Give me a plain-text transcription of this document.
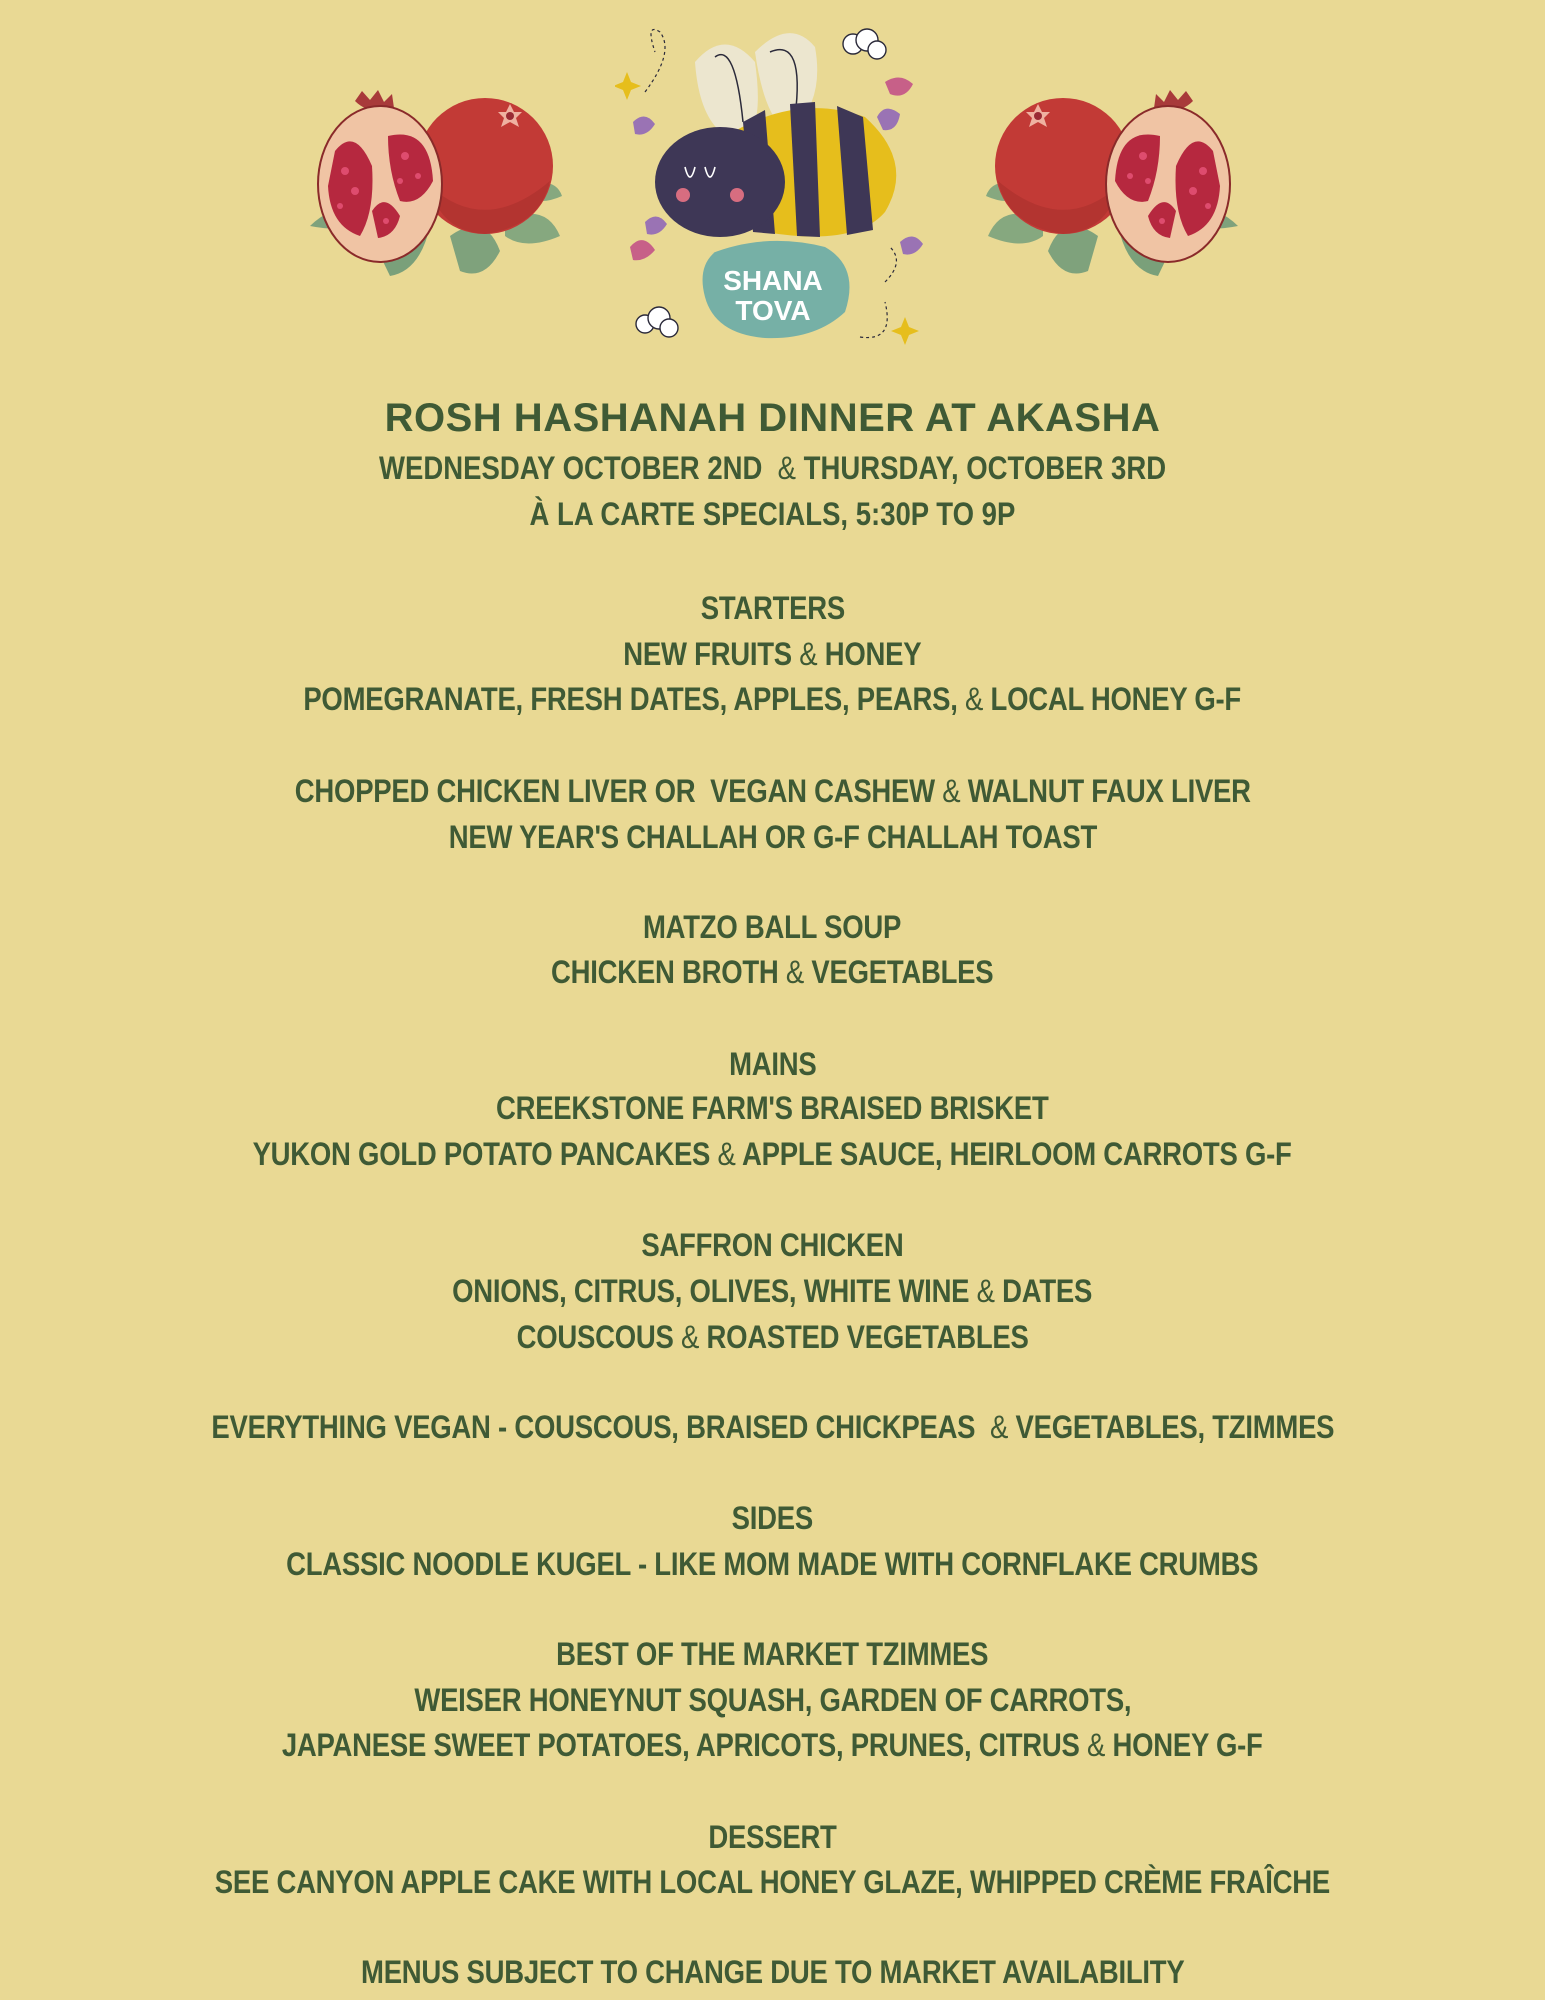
SHANA
TOVA
ROSH HASHANAH DINNER AT AKASHA
WEDNESDAY OCTOBER 2ND  & THURSDAY, OCTOBER 3RD
À LA CARTE SPECIALS, 5:30P TO 9P
STARTERS
NEW FRUITS & HONEY
POMEGRANATE, FRESH DATES, APPLES, PEARS, & LOCAL HONEY G-F
CHOPPED CHICKEN LIVER OR  VEGAN CASHEW & WALNUT FAUX LIVER
NEW YEAR'S CHALLAH OR G-F CHALLAH TOAST
MATZO BALL SOUP
CHICKEN BROTH & VEGETABLES
MAINS
CREEKSTONE FARM'S BRAISED BRISKET
YUKON GOLD POTATO PANCAKES & APPLE SAUCE, HEIRLOOM CARROTS G-F
SAFFRON CHICKEN
ONIONS, CITRUS, OLIVES, WHITE WINE & DATES
COUSCOUS & ROASTED VEGETABLES
EVERYTHING VEGAN - COUSCOUS, BRAISED CHICKPEAS  & VEGETABLES, TZIMMES
SIDES
CLASSIC NOODLE KUGEL - LIKE MOM MADE WITH CORNFLAKE CRUMBS
BEST OF THE MARKET TZIMMES
WEISER HONEYNUT SQUASH, GARDEN OF CARROTS,
JAPANESE SWEET POTATOES, APRICOTS, PRUNES, CITRUS & HONEY G-F
DESSERT
SEE CANYON APPLE CAKE WITH LOCAL HONEY GLAZE, WHIPPED CRÈME FRAÎCHE
MENUS SUBJECT TO CHANGE DUE TO MARKET AVAILABILITY
